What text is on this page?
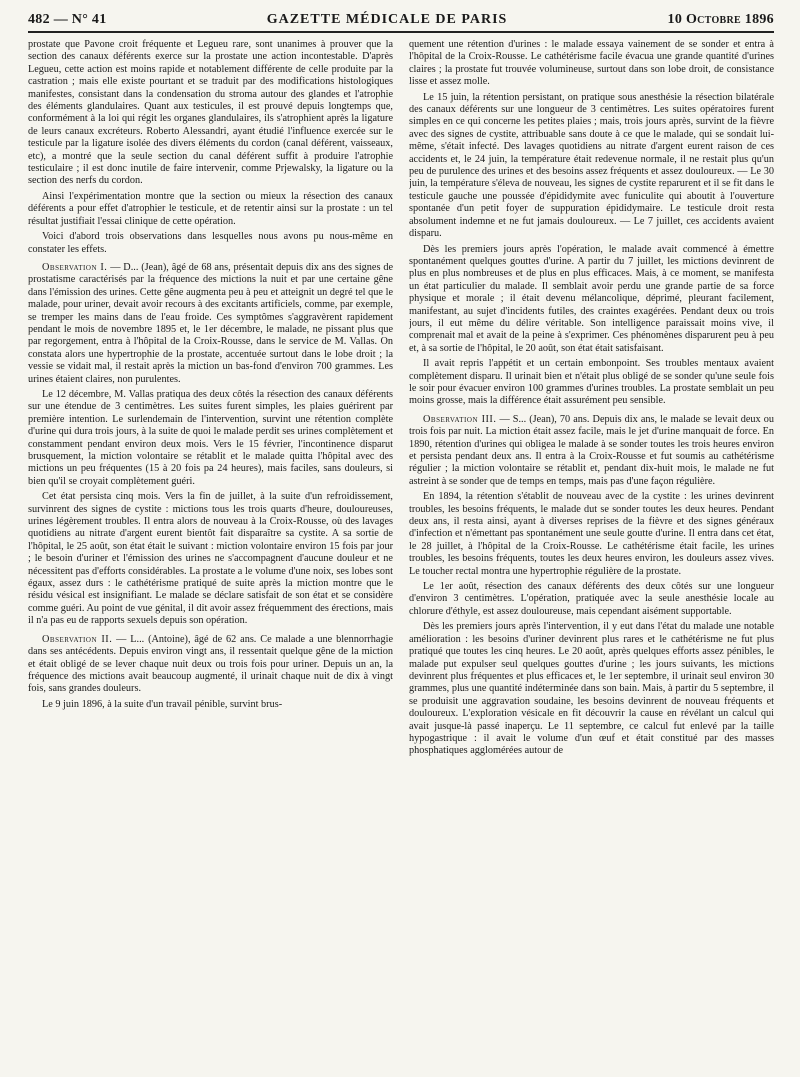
482 — N° 41	GAZETTE MÉDICALE DE PARIS	10 Octobre 1896

prostate que Pavone croit fréquente et Legueu rare, sont unanimes à prouver que la section des canaux déférents exerce sur la prostate une action incontestable. D'après Legueu, cette action est moins rapide et notablement différente de celle produite par la castration ; mais elle existe pourtant et se traduit par des modifications histologiques manifestes, consistant dans la condensation du stroma autour des glandes et l'atrophie des éléments glandulaires. Quant aux testicules, il est prouvé depuis longtemps que, conformément à la loi qui régit les organes glandulaires, ils s'atrophient après la ligature de leurs canaux excréteurs. Roberto Alessandri, ayant étudié l'influence exercée sur le testicule par la ligature isolée des divers éléments du cordon (canal déférent, vaisseaux, etc), a montré que la seule section du canal déférent suffit à produire l'atrophie testiculaire ; il est donc inutile de faire intervenir, comme Prjewalsky, la ligature ou la section des nerfs du cordon.

Ainsi l'expérimentation montre que la section ou mieux la résection des canaux déférents a pour effet d'atrophier le testicule, et de retentir ainsi sur la prostate : un tel résultat justifiait l'essai clinique de cette opération.

Voici d'abord trois observations dans lesquelles nous avons pu nous-même en constater les effets.

Observation I. — D... (Jean), âgé de 68 ans, présentait depuis dix ans des signes de prostatisme caractérisés par la fréquence des mictions la nuit et par une certaine gêne dans l'émission des urines. Cette gêne augmenta peu à peu et atteignit un degré tel que le malade, pour uriner, devait avoir recours à des excitants artificiels, comme, par exemple, se tremper les mains dans de l'eau froide. Ces symptômes s'aggravèrent rapidement pendant le mois de novembre 1895 et, le 1er décembre, le malade, ne pissant plus que par regorgement, entra à l'hôpital de la Croix-Rousse, dans le service de M. Vallas. On constata alors une hypertrophie de la prostate, accentuée surtout dans le lobe droit ; la vessie se vidait mal, il restait après la miction un bas-fond d'environ 700 grammes. Les urines étaient claires, non purulentes.

Le 12 décembre, M. Vallas pratiqua des deux côtés la résection des canaux déférents sur une étendue de 3 centimètres. Les suites furent simples, les plaies guérirent par première intention. Le surlendemain de l'intervention, survint une rétention complète d'urine qui dura trois jours, à la suite de quoi le malade perdit ses urines complètement et constamment pendant environ deux mois. Vers le 15 février, l'incontinence disparut brusquement, la miction volontaire se rétablit et le malade quitta l'hôpital avec des mictions un peu fréquentes (15 à 20 fois pa 24 heures), mais faciles, sans douleurs, si bien qu'il se croyait complètement guéri.

Cet état persista cinq mois. Vers la fin de juillet, à la suite d'un refroidissement, survinrent des signes de cystite : mictions tous les trois quarts d'heure, douloureuses, urines légèrement troubles. Il entra alors de nouveau à la Croix-Rousse, où des lavages quotidiens au nitrate d'argent eurent bientôt fait disparaître sa cystite. A sa sortie de l'hôpital, le 25 août, son état était le suivant : miction volontaire environ 15 fois par jour ; le besoin d'uriner et l'émission des urines ne s'accompagnent d'aucune douleur et ne nécessitent pas d'efforts considérables. La prostate a le volume d'une noix, ses lobes sont égaux, assez durs : le cathétérisme pratiqué de suite après la miction montre que le résidu vésical est insignifiant. Le malade se déclare satisfait de son état et se considère comme guéri. Au point de vue génital, il dit avoir assez fréquemment des érections, mais il n'a pas eu de rapports sexuels depuis son opération.

Observation II. — L... (Antoine), âgé de 62 ans. Ce malade a une blennorrhagie dans ses antécédents. Depuis environ vingt ans, il ressentait quelque gêne de la miction et était obligé de se lever chaque nuit deux ou trois fois pour uriner. Depuis un an, la fréquence des mictions avait beaucoup augmenté, il urinait chaque nuit de dix à vingt fois, sans grandes douleurs.

Le 9 juin 1896, à la suite d'un travail pénible, survint brus-

quement une rétention d'urines : le malade essaya vainement de se sonder et entra à l'hôpital de la Croix-Rousse. Le cathétérisme facile évacua une grande quantité d'urines claires ; la prostate fut trouvée volumineuse, surtout dans son lobe droit, de consistance lisse et assez molle.

Le 15 juin, la rétention persistant, on pratique sous anesthésie la résection bilatérale des canaux déférents sur une longueur de 3 centimètres. Les suites opératoires furent simples en ce qui concerne les petites plaies ; mais, trois jours après, survint de la fièvre avec des signes de cystite, attribuable sans doute à ce que le malade, qui se sondait lui-même, s'était infecté. Des lavages quotidiens au nitrate d'argent eurent raison de ces accidents et, le 24 juin, la température était redevenue normale, il ne restait plus qu'un peu de purulence des urines et des besoins assez fréquents et assez douloureux. — Le 30 juin, la température s'éleva de nouveau, les signes de cystite reparurent et il se fit dans le testicule gauche une poussée d'épididymite avec funiculite qui aboutit à l'ouverture spontanée d'un petit foyer de suppuration épididymaire. Le testicule droit resta absolument indemne et ne fut jamais douloureux. — Le 7 juillet, ces accidents avaient disparu.

Dès les premiers jours après l'opération, le malade avait commencé à émettre spontanément quelques gouttes d'urine. A partir du 7 juillet, les mictions devinrent de plus en plus nombreuses et de plus en plus efficaces. Mais, à ce moment, se manifesta un état particulier du malade. Il semblait avoir perdu une grande partie de sa force physique et morale ; il était devenu mélancolique, déprimé, pleurant facilement, manifestant, au sujet d'incidents futiles, des craintes exagérées. Pendant deux ou trois jours, il eut même du délire véritable. Son intelligence paraissait moins vive, il comprenait mal et avait de la peine à s'exprimer. Ces phénomènes disparurent peu à peu et, à sa sortie de l'hôpital, le 20 août, son état était satisfaisant.

Il avait repris l'appétit et un certain embonpoint. Ses troubles mentaux avaient complètement disparu. Il urinait bien et n'était plus obligé de se sonder qu'une seule fois le soir pour évacuer environ 100 grammes d'urines troubles. La prostate semblait un peu moins grosse, mais la différence était assurément peu sensible.

Observation III. — S... (Jean), 70 ans. Depuis dix ans, le malade se levait deux ou trois fois par nuit. La miction était assez facile, mais le jet d'urine manquait de force. En 1890, rétention d'urines qui obligea le malade à se sonder toutes les trois heures environ et persista pendant deux ans. Il entra à la Croix-Rousse et fut soumis au cathétérisme régulier ; la miction volontaire se rétablit et, pendant dix-huit mois, le malade ne fut astreint à se sonder que de temps en temps, mais pas d'une façon régulière.

En 1894, la rétention s'établit de nouveau avec de la cystite : les urines devinrent troubles, les besoins fréquents, le malade dut se sonder toutes les deux heures. Pendant deux ans, il resta ainsi, ayant à diverses reprises de la fièvre et des signes généraux d'infection et n'émettant pas spontanément une seule goutte d'urine. Il entra dans cet état, le 28 juillet, à l'hôpital de la Croix-Rousse. Le cathétérisme était facile, les urines troubles, les besoins fréquents, toutes les deux heures environ, les douleurs assez vives. Le toucher rectal montra une hypertrophie régulière de la prostate.

Le 1er août, résection des canaux déférents des deux côtés sur une longueur d'environ 3 centimètres. L'opération, pratiquée avec la seule anesthésie locale au chlorure d'éthyle, est assez douloureuse, mais cependant aisément supportable.

Dès les premiers jours après l'intervention, il y eut dans l'état du malade une notable amélioration : les besoins d'uriner devinrent plus rares et le cathétérisme ne fut plus pratiqué que toutes les cinq heures. Le 20 août, après quelques efforts assez pénibles, le malade put expulser seul quelques gouttes d'urine ; les jours suivants, les mictions devinrent plus fréquentes et plus efficaces et, le 1er septembre, il urinait seul environ 30 grammes, plus une quantité indéterminée dans son bain. Mais, à partir du 5 septembre, il se produisit une aggravation soudaine, les besoins devinrent de nouveau fréquents et douloureux. L'exploration vésicale en fit découvrir la cause en révélant un calcul qui avait jusque-là passé inaperçu. Le 11 septembre, ce calcul fut enlevé par la taille hypogastrique : il avait le volume d'un œuf et était constitué par des masses phosphatiques agglomérées autour de
